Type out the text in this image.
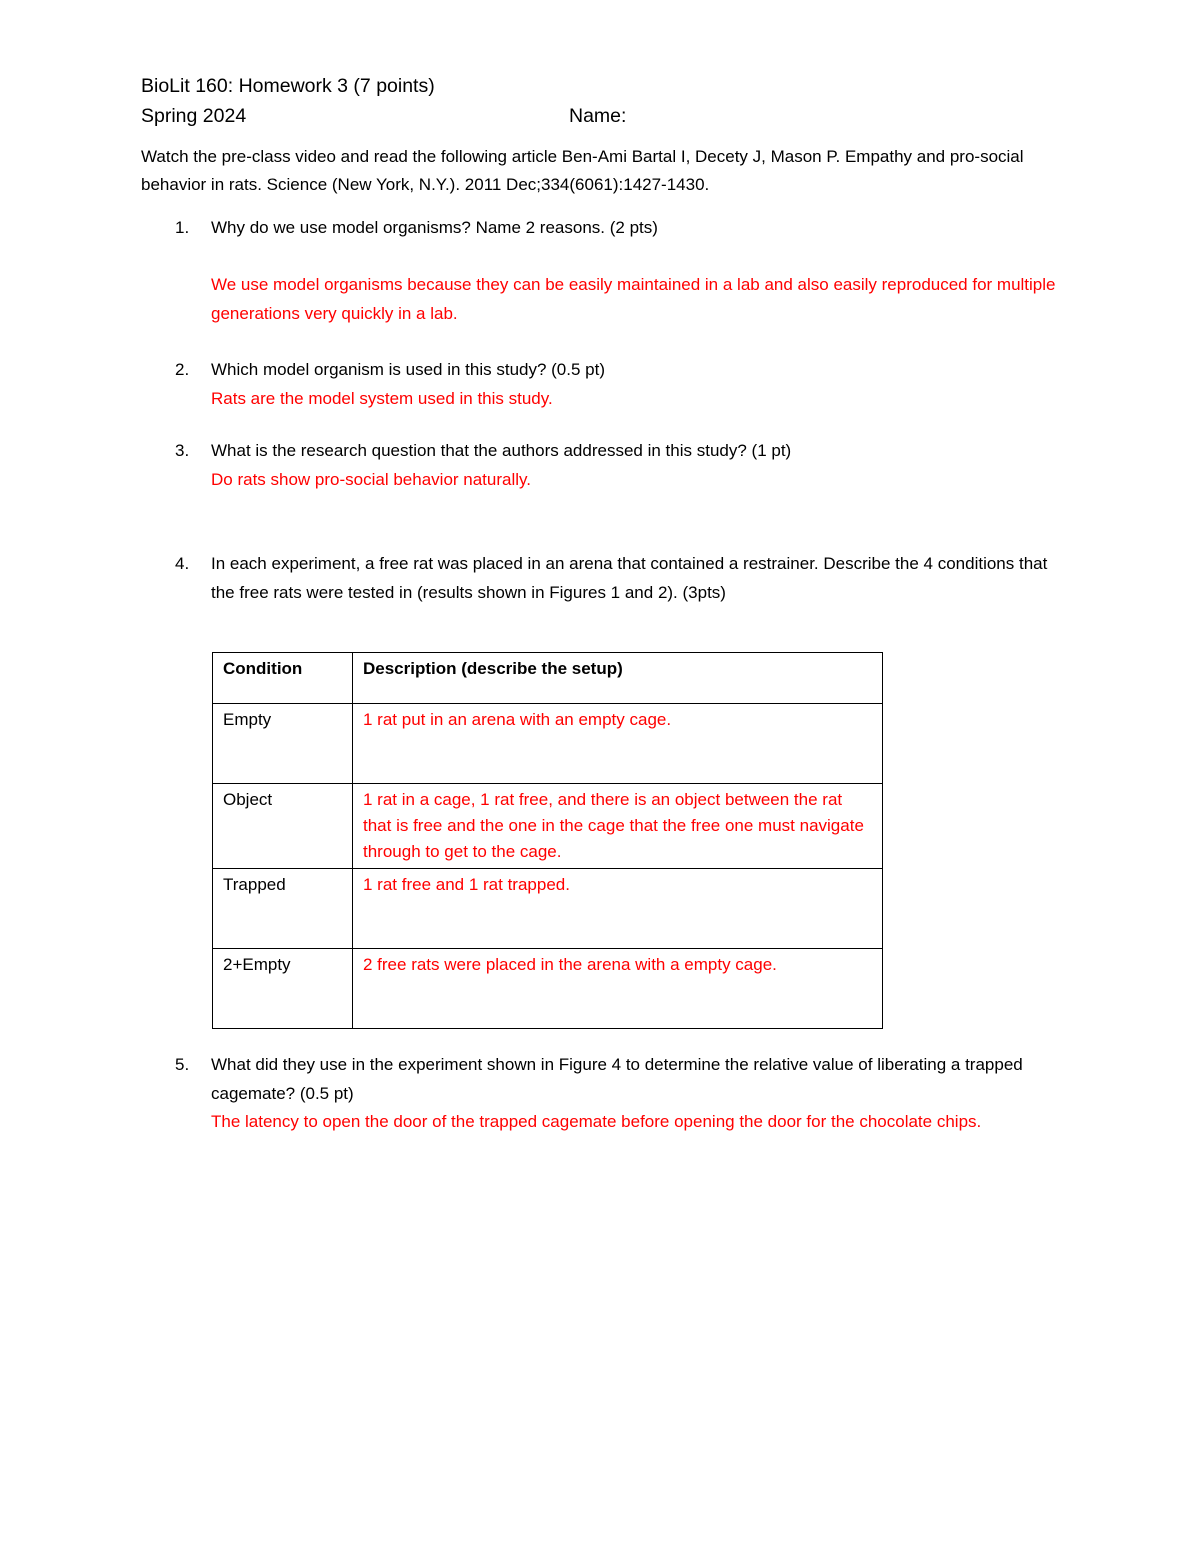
BioLit 160: Homework 3 (7 points)
Spring 2024	Name:
Watch the pre-class video and read the following article Ben-Ami Bartal I, Decety J, Mason P. Empathy and pro-social behavior in rats. Science (New York, N.Y.). 2011 Dec;334(6061):1427-1430.
1.	Why do we use model organisms? Name 2 reasons. (2 pts)
We use model organisms because they can be easily maintained in a lab and also easily reproduced for multiple generations very quickly in a lab.
2.	Which model organism is used in this study? (0.5 pt)
Rats are the model system used in this study.
3.	What is the research question that the authors addressed in this study? (1 pt)
Do rats show pro-social behavior naturally.
4.	In each experiment, a free rat was placed in an arena that contained a restrainer. Describe the 4 conditions that the free rats were tested in (results shown in Figures 1 and 2). (3pts)
Condition	Description (describe the setup)
Empty	1 rat put in an arena with an empty cage.
Object	1 rat in a cage, 1 rat free, and there is an object between the rat that is free and the one in the cage that the free one must navigate through to get to the cage.
Trapped	1 rat free and 1 rat trapped.
2+Empty	2 free rats were placed in the arena with a empty cage.
5.	What did they use in the experiment shown in Figure 4 to determine the relative value of liberating a trapped cagemate? (0.5 pt)
The latency to open the door of the trapped cagemate before opening the door for the chocolate chips.
